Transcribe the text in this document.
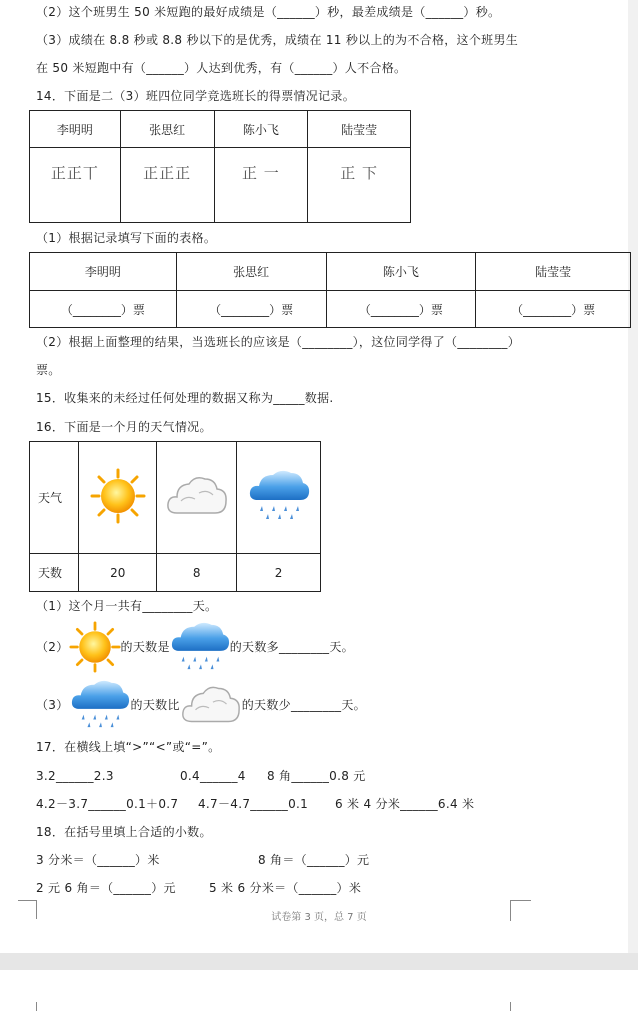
（2）这个班男生 50 米短跑的最好成绩是（______）秒，最差成绩是（______）秒。
（3）成绩在 8.8 秒或 8.8 秒以下的是优秀，成绩在 11 秒以上的为不合格，这个班男生
在 50 米短跑中有（______）人达到优秀，有（______）人不合格。
14．下面是二（3）班四位同学竞选班长的得票情况记录。
李明明	张思红	陈小飞	陆莹莹
正正丅	正正正	正 一	正 下
（1）根据记录填写下面的表格。
李明明	张思红	陈小飞	陆莹莹
（________）票	（________）票	（________）票	（________）票
（2）根据上面整理的结果，当选班长的应该是（________），这位同学得了（________）
票。
15．收集来的未经过任何处理的数据又称为_____数据.
16．下面是一个月的天气情况。
天气			
天数	20	8	2
（1）这个月一共有________天。
（2）	的天数是	的天数多________天。
（3）	的天数比	的天数少________天。
17．在横线上填“>”“<”或“=”。
3.2______2.3	0.4______4 8 角______0.8 元
4.2－3.7______0.1＋0.7 4.7－4.7______0.1 6 米 4 分米______6.4 米
18．在括号里填上合适的小数。
3 分米＝（______）米	8 角＝（______）元
2 元 6 角＝（______）元	5 米 6 分米＝（______）米
试卷第 3 页，总 7 页
